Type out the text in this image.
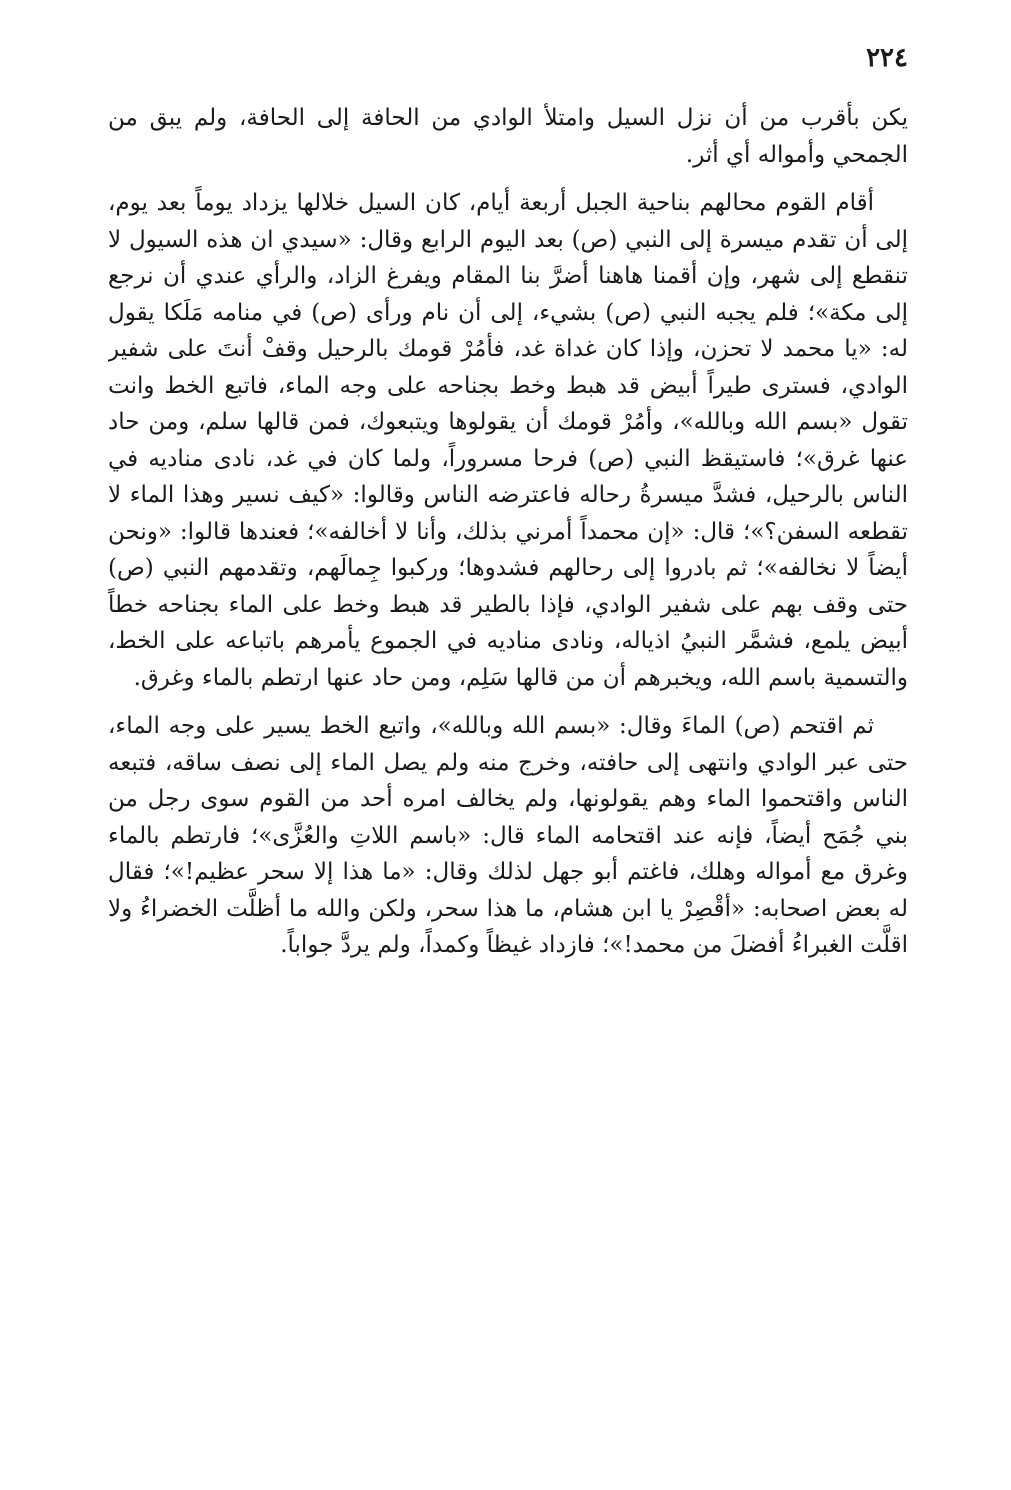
٢٢٤

يكن بأقرب من أن نزل السيل وامتلأ الوادي من الحافة إلى الحافة، ولم يبق من الجمحي وأمواله أي أثر.

أقام القوم محالهم بناحية الجبل أربعة أيام، كان السيل خلالها يزداد يوماً بعد يوم، إلى أن تقدم ميسرة إلى النبي (ص) بعد اليوم الرابع وقال: «سيدي ان هذه السيول لا تنقطع إلى شهر، وإن أقمنا هاهنا أضرَّ بنا المقام ويفرغ الزاد، والرأي عندي أن نرجع إلى مكة»؛ فلم يجبه النبي (ص) بشيء، إلى أن نام ورأى (ص) في منامه مَلَكا يقول له: «يا محمد لا تحزن، وإذا كان غداة غد، فأمُرْ قومك بالرحيل وقفْ أنتَ على شفير الوادي، فسترى طيراً أبيض قد هبط وخط بجناحه على وجه الماء، فاتبع الخط وانت تقول «بسم الله وبالله»، وأمُرْ قومك أن يقولوها ويتبعوك، فمن قالها سلم، ومن حاد عنها غرق»؛ فاستيقظ النبي (ص) فرحا مسروراً، ولما كان في غد، نادى مناديه في الناس بالرحيل، فشدَّ ميسرةُ رحاله فاعترضه الناس وقالوا: «كيف نسير وهذا الماء لا تقطعه السفن؟»؛ قال: «إن محمداً أمرني بذلك، وأنا لا أخالفه»؛ فعندها قالوا: «ونحن أيضاً لا نخالفه»؛ ثم بادروا إلى رحالهم فشدوها؛ وركبوا جِمالَهم، وتقدمهم النبي (ص) حتى وقف بهم على شفير الوادي، فإذا بالطير قد هبط وخط على الماء بجناحه خطاً أبيض يلمع، فشمَّر النبيُ اذياله، ونادى مناديه في الجموع يأمرهم باتباعه على الخط، والتسمية باسم الله، ويخبرهم أن من قالها سَلِم، ومن حاد عنها ارتطم بالماء وغرق.

ثم اقتحم (ص) الماءَ وقال: «بسم الله وبالله»، واتبع الخط يسير على وجه الماء، حتى عبر الوادي وانتهى إلى حافته، وخرج منه ولم يصل الماء إلى نصف ساقه، فتبعه الناس واقتحموا الماء وهم يقولونها، ولم يخالف امره أحد من القوم سوى رجل من بني جُمَح أيضاً، فإنه عند اقتحامه الماء قال: «باسم اللاتِ والعُزَّى»؛ فارتطم بالماء وغرق مع أمواله وهلك، فاغتم أبو جهل لذلك وقال: «ما هذا إلا سحر عظيم!»؛ فقال له بعض اصحابه: «أقْصِرْ يا ابن هشام، ما هذا سحر، ولكن والله ما أظلَّت الخضراءُ ولا اقلَّت الغبراءُ أفضلَ من محمد!»؛ فازداد غيظاً وكمداً، ولم يردَّ جواباً.
